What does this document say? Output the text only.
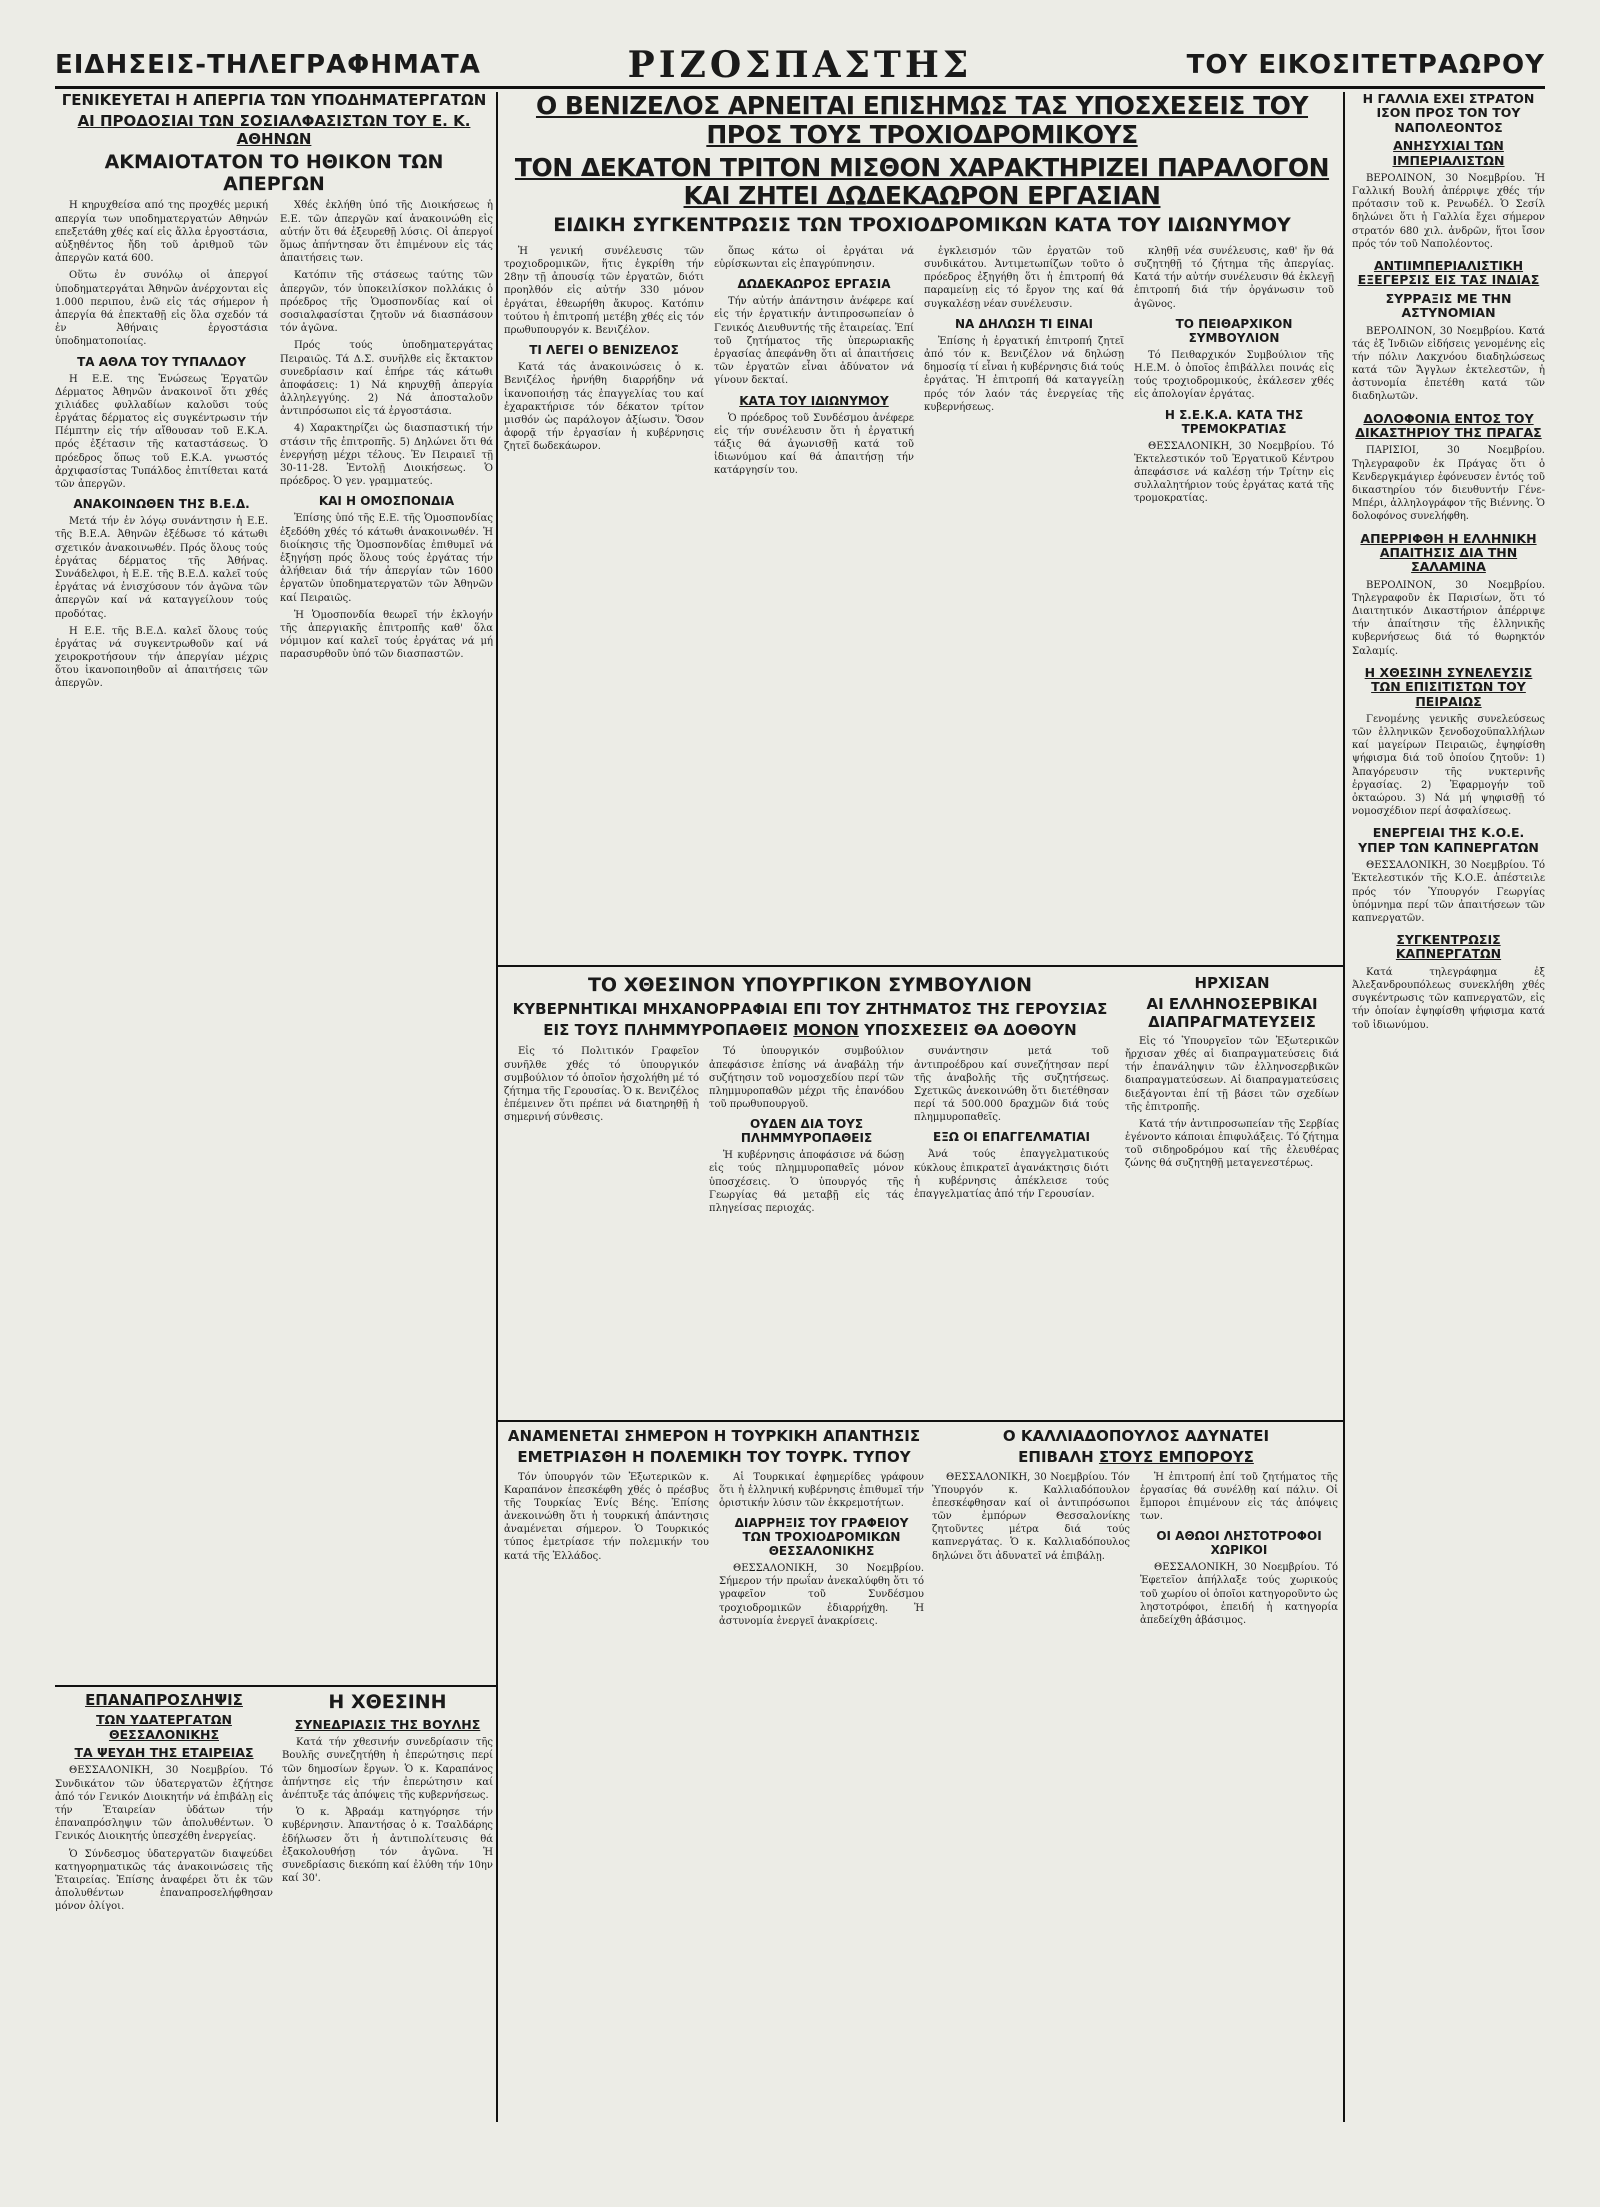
ΕΙΔΗΣΕΙΣ-ΤΗΛΕΓΡΑΦΗΜΑΤΑ	ΡΙΖΟΣΠΑΣΤΗΣ	ΤΟΥ ΕΙΚΟΣΙΤΕΤΡΑΩΡΟΥ
ΓΕΝΙΚΕΥΕΤΑΙ Η ΑΠΕΡΓΙΑ ΤΩΝ ΥΠΟΔΗΜΑΤΕΡΓΑΤΩΝ
ΑΙ ΠΡΟΔΟΣΙΑΙ ΤΩΝ ΣΟΣΙΑΛΦΑΣΙΣΤΩΝ ΤΟΥ Ε. Κ. ΑΘΗΝΩΝ
ΑΚΜΑΙΟΤΑΤΟΝ ΤΟ ΗΘΙΚΟΝ ΤΩΝ ΑΠΕΡΓΩΝ

Η κηρυχθείσα από της προχθές μερική απεργία των υποδηματεργατών Αθηνών επεξετάθη χθές καί εἰς ἄλλα ἐργοστάσια, αὐξηθέντος ἤδη τοῦ ἀριθμοῦ τῶν ἀπεργῶν κατά 600.

Οὕτω ἐν συνόλῳ οἱ ἀπεργοί ὑποδηματεργάται Ἀθηνῶν ἀνέρχονται εἰς 1.000 περιπου, ἐνῶ εἰς τάς σήμερον ἡ ἀπεργία θά ἐπεκταθῇ εἰς ὅλα σχεδόν τά ἐν Ἀθήναις ἐργοστάσια ὑποδηματοποιίας.

ΤΑ ΑΘΛΑ ΤΟΥ ΤΥΠΑΛΔΟΥ

Η Ε.Ε. της Ἑνώσεως Ἐργατῶν Δέρματος Ἀθηνῶν ἀνακοινοῖ ὅτι χθές χιλιάδες φυλλαδίων καλοῦσι τούς ἐργάτας δέρματος εἰς συγκέντρωσιν τήν Πέμπτην εἰς τήν αἴθουσαν τοῦ Ε.Κ.Α. πρός ἐξέτασιν τῆς καταστάσεως. Ὁ πρόεδρος ὅπως τοῦ Ε.Κ.Α. γνωστός ἀρχιφασίστας Τυπάλδος ἐπιτίθεται κατά τῶν ἀπεργῶν.

ΑΝΑΚΟΙΝΩΘΕΝ ΤΗΣ Β.Ε.Δ.

Μετά τήν ἐν λόγῳ συνάντησιν ἡ Ε.Ε. τῆς Β.Ε.Α. Ἀθηνῶν ἐξέδωσε τό κάτωθι σχετικόν ἀνακοινωθέν. Πρός ὅλους τούς ἐργάτας δέρματος τῆς Ἀθήνας. Συνάδελφοι, ἡ Ε.Ε. τῆς Β.Ε.Δ. καλεῖ τούς ἐργάτας νά ἐνισχύσουν τόν ἀγῶνα τῶν ἀπεργῶν καί νά καταγγείλουν τούς προδότας.

Η Ε.Ε. τῆς Β.Ε.Δ. καλεῖ ὅλους τούς ἐργάτας νά συγκεντρωθοῦν καί νά χειροκροτήσουν τήν ἀπεργίαν μέχρις ὅτου ἱκανοποιηθοῦν αἱ ἀπαιτήσεις τῶν ἀπεργῶν.

Χθές ἐκλήθη ὑπό τῆς Διοικήσεως ἡ Ε.Ε. τῶν ἀπεργῶν καί ἀνακοινώθη εἰς αὐτήν ὅτι θά ἐξευρεθῇ λύσις. Οἱ ἀπεργοί ὅμως ἀπήντησαν ὅτι ἐπιμένουν εἰς τάς ἀπαιτήσεις των.

Κατόπιν τῆς στάσεως ταύτης τῶν ἀπεργῶν, τόν ὑποκειλίσκον πολλάκις ὁ πρόεδρος τῆς Ὁμοσπονδίας καί οἱ σοσιαλφασίσται ζητοῦν νά διασπάσουν τόν ἀγῶνα.

Πρός τούς ὑποδηματεργάτας Πειραιῶς. Τά Δ.Σ. συνῆλθε εἰς ἔκτακτον συνεδρίασιν καί ἐπήρε τάς κάτωθι ἀποφάσεις: 1) Νά κηρυχθῇ ἀπεργία ἀλληλεγγύης. 2) Νά ἀποσταλοῦν ἀντιπρόσωποι εἰς τά ἐργοστάσια.

4) Χαρακτηρίζει ὡς διασπαστική τήν στάσιν τῆς ἐπιτροπῆς. 5) Δηλώνει ὅτι θά ἐνεργήσῃ μέχρι τέλους. Ἐν Πειραιεῖ τῇ 30-11-28. Ἐντολῇ Διοικήσεως. Ὁ πρόεδρος. Ὁ γεν. γραμματεύς.

ΚΑΙ Η ΟΜΟΣΠΟΝΔΙΑ

Ἐπίσης ὑπό τῆς Ε.Ε. τῆς Ὁμοσπονδίας ἐξεδόθη χθές τό κάτωθι ἀνακοινωθέν. Ἡ διοίκησις τῆς Ὁμοσπονδίας ἐπιθυμεῖ νά ἐξηγήσῃ πρός ὅλους τούς ἐργάτας τήν ἀλήθειαν διά τήν ἀπεργίαν τῶν 1600 ἐργατῶν ὑποδηματεργατῶν τῶν Ἀθηνῶν καί Πειραιῶς.

Ἡ Ὁμοσπονδία θεωρεῖ τήν ἐκλογήν τῆς ἀπεργιακῆς ἐπιτροπῆς καθ' ὅλα νόμιμον καί καλεῖ τούς ἐργάτας νά μή παρασυρθοῦν ὑπό τῶν διασπαστῶν.

ΕΠΑΝΑΠΡΟΣΛΗΨΙΣ
ΤΩΝ ΥΔΑΤΕΡΓΑΤΩΝ ΘΕΣΣΑΛΟΝΙΚΗΣ
ΤΑ ΨΕΥΔΗ ΤΗΣ ΕΤΑΙΡΕΙΑΣ

ΘΕΣΣΑΛΟΝΙΚΗ, 30 Νοεμβρίου. Τό Συνδικάτον τῶν ὑδατεργατῶν ἐζήτησε ἀπό τόν Γενικόν Διοικητήν νά ἐπιβάλῃ εἰς τήν Ἑταιρείαν ὑδάτων τήν ἐπαναπρόσληψιν τῶν ἀπολυθέντων. Ὁ Γενικός Διοικητής ὑπεσχέθη ἐνεργείας.

Ὁ Σύνδεσμος ὑδατεργατῶν διαψεύδει κατηγορηματικῶς τάς ἀνακοινώσεις τῆς Ἑταιρείας. Ἐπίσης ἀναφέρει ὅτι ἐκ τῶν ἀπολυθέντων ἐπαναπροσελήφθησαν μόνον ὀλίγοι.

Η ΧΘΕΣΙΝΗ
ΣΥΝΕΔΡΙΑΣΙΣ ΤΗΣ ΒΟΥΛΗΣ

Κατά τήν χθεσινήν συνεδρίασιν τῆς Βουλῆς συνεζητήθη ἡ ἐπερώτησις περί τῶν δημοσίων ἔργων. Ὁ κ. Καραπάνος ἀπήντησε εἰς τήν ἐπερώτησιν καί ἀνέπτυξε τάς ἀπόψεις τῆς κυβερνήσεως.

Ὁ κ. Ἀβραάμ κατηγόρησε τήν κυβέρνησιν. Ἀπαντήσας ὁ κ. Τσαλδάρης ἐδήλωσεν ὅτι ἡ ἀντιπολίτευσις θά ἐξακολουθήσῃ τόν ἀγῶνα. Ἡ συνεδρίασις διεκόπη καί ἐλύθη τήν 10ην καί 30'.

Ο ΒΕΝΙΖΕΛΟΣ ΑΡΝΕΙΤΑΙ ΕΠΙΣΗΜΩΣ ΤΑΣ ΥΠΟΣΧΕΣΕΙΣ ΤΟΥ ΠΡΟΣ ΤΟΥΣ ΤΡΟΧΙΟΔΡΟΜΙΚΟΥΣ
ΤΟΝ ΔΕΚΑΤΟΝ ΤΡΙΤΟΝ ΜΙΣΘΟΝ ΧΑΡΑΚΤΗΡΙΖΕΙ ΠΑΡΑΛΟΓΟΝ ΚΑΙ ΖΗΤΕΙ ΔΩΔΕΚΑΩΡΟΝ ΕΡΓΑΣΙΑΝ
ΕΙΔΙΚΗ ΣΥΓΚΕΝΤΡΩΣΙΣ ΤΩΝ ΤΡΟΧΙΟΔΡΟΜΙΚΩΝ ΚΑΤΑ ΤΟΥ ΙΔΙΩΝΥΜΟΥ

Ἡ γενική συνέλευσις τῶν τροχιοδρομικῶν, ἥτις ἐγκρίθη τήν 28ην τῇ ἀπουσίᾳ τῶν ἐργατῶν, διότι προηλθόν εἰς αὐτήν 330 μόνον ἐργάται, ἐθεωρήθη ἄκυρος. Κατόπιν τούτου ἡ ἐπιτροπή μετέβη χθές εἰς τόν πρωθυπουργόν κ. Βενιζέλον.

ΤΙ ΛΕΓΕΙ Ο ΒΕΝΙΖΕΛΟΣ

Κατά τάς ἀνακοινώσεις ὁ κ. Βενιζέλος ἠρνήθη διαρρήδην νά ἱκανοποιήσῃ τάς ἐπαγγελίας του καί ἐχαρακτήρισε τόν δέκατον τρίτον μισθόν ὡς παράλογον ἀξίωσιν. Ὅσον ἀφορᾷ τήν ἐργασίαν ἡ κυβέρνησις ζητεῖ δωδεκάωρον.

ὅπως κάτω οἱ ἐργάται νά εὑρίσκωνται εἰς ἐπαγρύπνησιν.

ΔΩΔΕΚΑΩΡΟΣ ΕΡΓΑΣΙΑ

Τήν αὐτήν ἀπάντησιν ἀνέφερε καί εἰς τήν ἐργατικήν ἀντιπροσωπείαν ὁ Γενικός Διευθυντής τῆς ἑταιρείας. Ἐπί τοῦ ζητήματος τῆς ὑπερωριακῆς ἐργασίας ἀπεφάνθη ὅτι αἱ ἀπαιτήσεις τῶν ἐργατῶν εἶναι ἀδύνατον νά γίνουν δεκταί.

ΚΑΤΑ ΤΟΥ ΙΔΙΩΝΥΜΟΥ

Ὁ πρόεδρος τοῦ Συνδέσμου ἀνέφερε εἰς τήν συνέλευσιν ὅτι ἡ ἐργατική τάξις θά ἀγωνισθῇ κατά τοῦ ἰδιωνύμου καί θά ἀπαιτήσῃ τήν κατάργησίν του.

ἐγκλεισμόν τῶν ἐργατῶν τοῦ συνδικάτου. Ἀντιμετωπίζων τοῦτο ὁ πρόεδρος ἐξηγήθη ὅτι ἡ ἐπιτροπή θά παραμείνῃ εἰς τό ἔργον της καί θά συγκαλέσῃ νέαν συνέλευσιν.

ΝΑ ΔΗΛΩΣΗ ΤΙ ΕΙΝΑΙ

Ἐπίσης ἡ ἐργατική ἐπιτροπή ζητεῖ ἀπό τόν κ. Βενιζέλον νά δηλώσῃ δημοσίᾳ τί εἶναι ἡ κυβέρνησις διά τούς ἐργάτας. Ἡ ἐπιτροπή θά καταγγείλῃ πρός τόν λαόν τάς ἐνεργείας τῆς κυβερνήσεως.

κληθῇ νέα συνέλευσις, καθ' ἥν θά συζητηθῇ τό ζήτημα τῆς ἀπεργίας. Κατά τήν αὐτήν συνέλευσιν θά ἐκλεγῇ ἐπιτροπή διά τήν ὀργάνωσιν τοῦ ἀγῶνος.

ΤΟ ΠΕΙΘΑΡΧΙΚΟΝ ΣΥΜΒΟΥΛΙΟΝ

Τό Πειθαρχικόν Συμβούλιον τῆς Η.Ε.Μ. ὁ ὁποῖος ἐπιβάλλει ποινάς εἰς τούς τροχιοδρομικούς, ἐκάλεσεν χθές εἰς ἀπολογίαν ἐργάτας.

Η Σ.Ε.Κ.Α. ΚΑΤΑ ΤΗΣ ΤΡΕΜΟΚΡΑΤΙΑΣ

ΘΕΣΣΑΛΟΝΙΚΗ, 30 Νοεμβρίου. Τό Ἐκτελεστικόν τοῦ Ἐργατικοῦ Κέντρου ἀπεφάσισε νά καλέσῃ τήν Τρίτην εἰς συλλαλητήριον τούς ἐργάτας κατά τῆς τρομοκρατίας.

ΤΟ ΧΘΕΣΙΝΟΝ ΥΠΟΥΡΓΙΚΟΝ ΣΥΜΒΟΥΛΙΟΝ
ΚΥΒΕΡΝΗΤΙΚΑΙ ΜΗΧΑΝΟΡΡΑΦΙΑΙ ΕΠΙ ΤΟΥ ΖΗΤΗΜΑΤΟΣ ΤΗΣ ΓΕΡΟΥΣΙΑΣ
ΕΙΣ ΤΟΥΣ ΠΛΗΜΜΥΡΟΠΑΘΕΙΣ ΜΟΝΟΝ ΥΠΟΣΧΕΣΕΙΣ ΘΑ ΔΟΘΟΥΝ

Εἰς τό Πολιτικόν Γραφεῖον συνῆλθε χθές τό ὑπουργικόν συμβούλιον τό ὁποῖον ἠσχολήθη μέ τό ζήτημα τῆς Γερουσίας. Ὁ κ. Βενιζέλος ἐπέμεινεν ὅτι πρέπει νά διατηρηθῇ ἡ σημερινή σύνθεσις.

Τό ὑπουργικόν συμβούλιον ἀπεφάσισε ἐπίσης νά ἀναβάλῃ τήν συζήτησιν τοῦ νομοσχεδίου περί τῶν πλημμυροπαθῶν μέχρι τῆς ἐπανόδου τοῦ πρωθυπουργοῦ.

ΟΥΔΕΝ ΔΙΑ ΤΟΥΣ ΠΛΗΜΜΥΡΟΠΑΘΕΙΣ

Ἡ κυβέρνησις ἀποφάσισε νά δώσῃ εἰς τούς πλημμυροπαθεῖς μόνον ὑποσχέσεις. Ὁ ὑπουργός τῆς Γεωργίας θά μεταβῇ εἰς τάς πληγείσας περιοχάς.

συνάντησιν μετά τοῦ ἀντιπροέδρου καί συνεζήτησαν περί τῆς ἀναβολῆς τῆς συζητήσεως. Σχετικῶς ἀνεκοινώθη ὅτι διετέθησαν περί τά 500.000 δραχμῶν διά τούς πλημμυροπαθεῖς.

ΕΞΩ ΟΙ ΕΠΑΓΓΕΛΜΑΤΙΑΙ

Ἀνά τούς ἐπαγγελματικούς κύκλους ἐπικρατεῖ ἀγανάκτησις διότι ἡ κυβέρνησις ἀπέκλεισε τούς ἐπαγγελματίας ἀπό τήν Γερουσίαν.

ΗΡΧΙΣΑΝ
ΑΙ ΕΛΛΗΝΟΣΕΡΒΙΚΑΙ ΔΙΑΠΡΑΓΜΑΤΕΥΣΕΙΣ

Εἰς τό Ὑπουργεῖον τῶν Ἐξωτερικῶν ἤρχισαν χθές αἱ διαπραγματεύσεις διά τήν ἐπανάληψιν τῶν ἑλληνοσερβικῶν διαπραγματεύσεων. Αἱ διαπραγματεύσεις διεξάγονται ἐπί τῇ βάσει τῶν σχεδίων τῆς ἐπιτροπῆς.

Κατά τήν ἀντιπροσωπείαν τῆς Σερβίας ἐγένοντο κάποιαι ἐπιφυλάξεις. Τό ζήτημα τοῦ σιδηροδρόμου καί τῆς ἐλευθέρας ζώνης θά συζητηθῇ μεταγενεστέρως.

ΑΝΑΜΕΝΕΤΑΙ ΣΗΜΕΡΟΝ Η ΤΟΥΡΚΙΚΗ ΑΠΑΝΤΗΣΙΣ
ΕΜΕΤΡΙΑΣΘΗ Η ΠΟΛΕΜΙΚΗ ΤΟΥ ΤΟΥΡΚ. ΤΥΠΟΥ

Τόν ὑπουργόν τῶν Ἐξωτερικῶν κ. Καραπάνον ἐπεσκέφθη χθές ὁ πρέσβυς τῆς Τουρκίας Ἐνίς Βέης. Ἐπίσης ἀνεκοινώθη ὅτι ἡ τουρκική ἀπάντησις ἀναμένεται σήμερον. Ὁ Τουρκικός τύπος ἐμετρίασε τήν πολεμικήν του κατά τῆς Ἑλλάδος.

Αἱ Τουρκικαί ἐφημερίδες γράφουν ὅτι ἡ ἑλληνική κυβέρνησις ἐπιθυμεῖ τήν ὁριστικήν λύσιν τῶν ἐκκρεμοτήτων.

ΔΙΑΡΡΗΞΙΣ ΤΟΥ ΓΡΑΦΕΙΟΥ ΤΩΝ ΤΡΟΧΙΟΔΡΟΜΙΚΩΝ ΘΕΣΣΑΛΟΝΙΚΗΣ

ΘΕΣΣΑΛΟΝΙΚΗ, 30 Νοεμβρίου. Σήμερον τήν πρωΐαν ἀνεκαλύφθη ὅτι τό γραφεῖον τοῦ Συνδέσμου τροχιοδρομικῶν ἐδιαρρήχθη. Ἡ ἀστυνομία ἐνεργεῖ ἀνακρίσεις.

Ο ΚΑΛΛΙΑΔΟΠΟΥΛΟΣ ΑΔΥΝΑΤΕΙ
ΕΠΙΒΑΛΗ ΣΤΟΥΣ ΕΜΠΟΡΟΥΣ

ΘΕΣΣΑΛΟΝΙΚΗ, 30 Νοεμβρίου. Τόν Ὑπουργόν κ. Καλλιαδόπουλον ἐπεσκέφθησαν καί οἱ ἀντιπρόσωποι τῶν ἐμπόρων Θεσσαλονίκης ζητοῦντες μέτρα διά τούς καπνεργάτας. Ὁ κ. Καλλιαδόπουλος δηλώνει ὅτι ἀδυνατεῖ νά ἐπιβάλῃ.

Ἡ ἐπιτροπή ἐπί τοῦ ζητήματος τῆς ἐργασίας θά συνέλθῃ καί πάλιν. Οἱ ἔμποροι ἐπιμένουν εἰς τάς ἀπόψεις των.

ΟΙ ΑΘΩΟΙ ΛΗΣΤΟΤΡΟΦΟΙ ΧΩΡΙΚΟΙ

ΘΕΣΣΑΛΟΝΙΚΗ, 30 Νοεμβρίου. Τό Ἐφετεῖον ἀπήλλαξε τούς χωρικούς τοῦ χωρίου οἱ ὁποῖοι κατηγοροῦντο ὡς ληστοτρόφοι, ἐπειδή ἡ κατηγορία ἀπεδείχθη ἀβάσιμος.

Η ΓΑΛΛΙΑ ΕΧΕΙ ΣΤΡΑΤΟΝ ΙΣΟΝ ΠΡΟΣ ΤΟΝ ΤΟΥ ΝΑΠΟΛΕΟΝΤΟΣ
ΑΝΗΣΥΧΙΑΙ ΤΩΝ ΙΜΠΕΡΙΑΛΙΣΤΩΝ

ΒΕΡΟΛΙΝΟΝ, 30 Νοεμβρίου. Ἡ Γαλλική Βουλή ἀπέρριψε χθές τήν πρότασιν τοῦ κ. Ρενωδέλ. Ὁ Σεσίλ δηλώνει ὅτι ἡ Γαλλία ἔχει σήμερον στρατόν 680 χιλ. ἀνδρῶν, ἥτοι ἴσον πρός τόν τοῦ Ναπολέοντος.

ΑΝΤΙΙΜΠΕΡΙΑΛΙΣΤΙΚΗ ΕΞΕΓΕΡΣΙΣ ΕΙΣ ΤΑΣ ΙΝΔΙΑΣ
ΣΥΡΡΑΞΙΣ ΜΕ ΤΗΝ ΑΣΤΥΝΟΜΙΑΝ

ΒΕΡΟΛΙΝΟΝ, 30 Νοεμβρίου. Κατά τάς ἐξ Ἰνδιῶν εἰδήσεις γενομένης εἰς τήν πόλιν Λακχνόου διαδηλώσεως κατά τῶν Ἄγγλων ἐκτελεστῶν, ἡ ἀστυνομία ἐπετέθη κατά τῶν διαδηλωτῶν.

ΔΟΛΟΦΟΝΙΑ ΕΝΤΟΣ ΤΟΥ ΔΙΚΑΣΤΗΡΙΟΥ ΤΗΣ ΠΡΑΓΑΣ

ΠΑΡΙΣΙΟΙ, 30 Νοεμβρίου. Τηλεγραφοῦν ἐκ Πράγας ὅτι ὁ Κενδεργκμάγιερ ἐφόνευσεν ἐντός τοῦ δικαστηρίου τόν διευθυντήν Γένε-Μπέρι, ἀλληλογράφον τῆς Βιέννης. Ὁ δολοφόνος συνελήφθη.

ΑΠΕΡΡΙΦΘΗ Η ΕΛΛΗΝΙΚΗ ΑΠΑΙΤΗΣΙΣ ΔΙΑ ΤΗΝ ΣΑΛΑΜΙΝΑ

ΒΕΡΟΛΙΝΟΝ, 30 Νοεμβρίου. Τηλεγραφοῦν ἐκ Παρισίων, ὅτι τό Διαιτητικόν Δικαστήριον ἀπέρριψε τήν ἀπαίτησιν τῆς ἑλληνικῆς κυβερνήσεως διά τό θωρηκτόν Σαλαμίς.

Η ΧΘΕΣΙΝΗ ΣΥΝΕΛΕΥΣΙΣ ΤΩΝ ΕΠΙΣΙΤΙΣΤΩΝ ΤΟΥ ΠΕΙΡΑΙΩΣ

Γενομένης γενικῆς συνελεύσεως τῶν ἑλληνικῶν ξενοδοχοϋπαλλήλων καί μαγείρων Πειραιῶς, ἐψηφίσθη ψήφισμα διά τοῦ ὁποίου ζητοῦν: 1) Ἀπαγόρευσιν τῆς νυκτερινῆς ἐργασίας. 2) Ἐφαρμογήν τοῦ ὀκταώρου. 3) Νά μή ψηφισθῇ τό νομοσχέδιον περί ἀσφαλίσεως.

ΕΝΕΡΓΕΙΑΙ ΤΗΣ Κ.Ο.Ε. ΥΠΕΡ ΤΩΝ ΚΑΠΝΕΡΓΑΤΩΝ

ΘΕΣΣΑΛΟΝΙΚΗ, 30 Νοεμβρίου. Τό Ἐκτελεστικόν τῆς Κ.Ο.Ε. ἀπέστειλε πρός τόν Ὑπουργόν Γεωργίας ὑπόμνημα περί τῶν ἀπαιτήσεων τῶν καπνεργατῶν.

ΣΥΓΚΕΝΤΡΩΣΙΣ ΚΑΠΝΕΡΓΑΤΩΝ

Κατά τηλεγράφημα ἐξ Ἀλεξανδρουπόλεως συνεκλήθη χθές συγκέντρωσις τῶν καπνεργατῶν, εἰς τήν ὁποίαν ἐψηφίσθη ψήφισμα κατά τοῦ ἰδιωνύμου.
